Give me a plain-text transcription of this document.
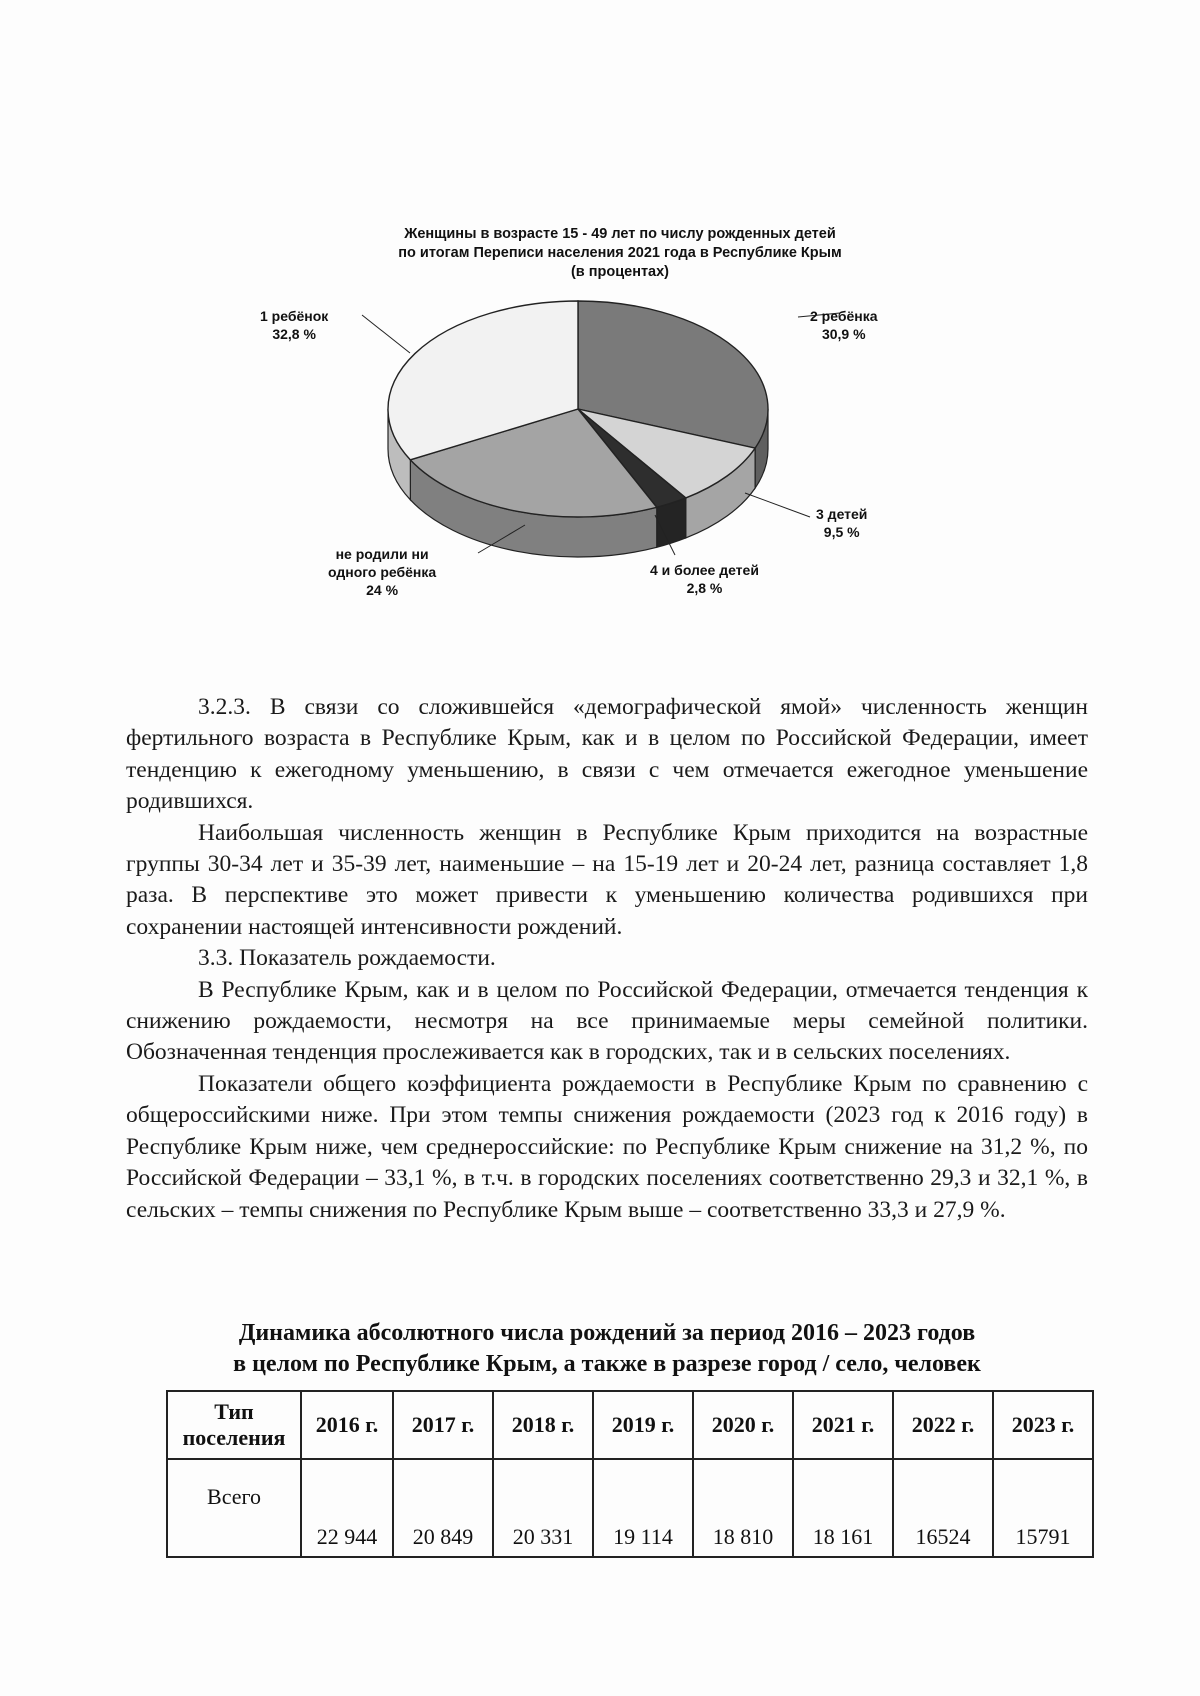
Женщины в возрасте 15 - 49 лет по числу рожденных детей
по итогам Переписи населения 2021 года в Республике Крым
(в процентах)
1 ребёнок
32,8 %
2 ребёнка
30,9 %
3 детей
9,5 %
4 и более детей
2,8 %
не родили ни
одного ребёнка
24 %

3.2.3. В связи со сложившейся «демографической ямой» численность женщин фертильного возраста в Республике Крым, как и в целом по Российской Федерации, имеет тенденцию к ежегодному уменьшению, в связи с чем отмечается ежегодное уменьшение родившихся.

Наибольшая численность женщин в Республике Крым приходится на возрастные группы 30-34 лет и 35-39 лет, наименьшие – на 15-19 лет и 20-24 лет, разница составляет 1,8 раза. В перспективе это может привести к уменьшению количества родившихся при сохранении настоящей интенсивности рождений.

3.3. Показатель рождаемости.

В Республике Крым, как и в целом по Российской Федерации, отмечается тенденция к снижению рождаемости, несмотря на все принимаемые меры семейной политики. Обозначенная тенденция прослеживается как в городских, так и в сельских поселениях.

Показатели общего коэффициента рождаемости в Республике Крым по сравнению с общероссийскими ниже. При этом темпы снижения рождаемости (2023 год к 2016 году) в Республике Крым ниже, чем среднероссийские: по Республике Крым снижение на 31,2 %, по Российской Федерации – 33,1 %, в т.ч. в городских поселениях соответственно 29,3 и 32,1 %, в сельских – темпы снижения по Республике Крым выше – соответственно 33,3 и 27,9 %.

Динамика абсолютного числа рождений за период 2016 – 2023 годов
в целом по Республике Крым, а также в разрезе город / село, человек
Тип
поселения	2016 г.	2017 г.	2018 г.	2019 г.	2020 г.	2021 г.	2022 г.	2023 г.
Всего	22 944	20 849	20 331	19 114	18 810	18 161	16524	15791
